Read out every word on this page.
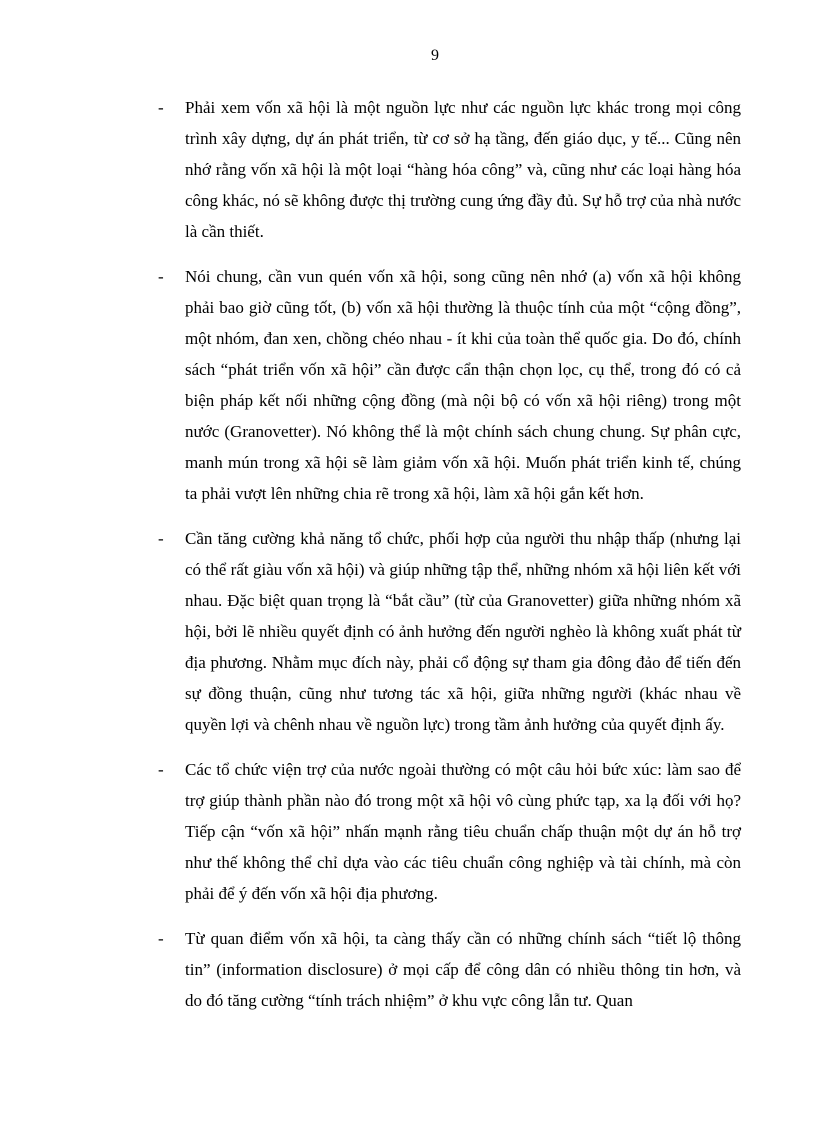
9
- Phải xem vốn xã hội là một nguồn lực như các nguồn lực khác trong mọi công trình xây dựng, dự án phát triển, từ cơ sở hạ tầng, đến giáo dục, y tế... Cũng nên nhớ rằng vốn xã hội là một loại “hàng hóa công” và, cũng như các loại hàng hóa công khác, nó sẽ không được thị trường cung ứng đầy đủ. Sự hỗ trợ của nhà nước là cần thiết.
- Nói chung, cần vun quén vốn xã hội, song cũng nên nhớ (a) vốn xã hội không phải bao giờ cũng tốt, (b) vốn xã hội thường là thuộc tính của một “cộng đồng”, một nhóm, đan xen, chồng chéo nhau - ít khi của toàn thể quốc gia. Do đó, chính sách “phát triển vốn xã hội” cần được cẩn thận chọn lọc, cụ thể, trong đó có cả biện pháp kết nối những cộng đồng (mà nội bộ có vốn xã hội riêng) trong một nước (Granovetter). Nó không thể là một chính sách chung chung. Sự phân cực, manh mún trong xã hội sẽ làm giảm vốn xã hội. Muốn phát triển kinh tế, chúng ta phải vượt lên những chia rẽ trong xã hội, làm xã hội gắn kết hơn.
- Cần tăng cường khả năng tổ chức, phối hợp của người thu nhập thấp (nhưng lại có thể rất giàu vốn xã hội) và giúp những tập thể, những nhóm xã hội liên kết với nhau. Đặc biệt quan trọng là “bắt cầu” (từ của Granovetter) giữa những nhóm xã hội, bởi lẽ nhiều quyết định có ảnh hưởng đến người nghèo là không xuất phát từ địa phương. Nhằm mục đích này, phải cổ động sự tham gia đông đảo để tiến đến sự đồng thuận, cũng như tương tác xã hội, giữa những người (khác nhau về quyền lợi và chênh nhau về nguồn lực) trong tầm ảnh hưởng của quyết định ấy.
- Các tổ chức viện trợ của nước ngoài thường có một câu hỏi bức xúc: làm sao để trợ giúp thành phần nào đó trong một xã hội vô cùng phức tạp, xa lạ đối với họ? Tiếp cận “vốn xã hội” nhấn mạnh rằng tiêu chuẩn chấp thuận một dự án hỗ trợ như thế không thể chỉ dựa vào các tiêu chuẩn công nghiệp và tài chính, mà còn phải để ý đến vốn xã hội địa phương.
- Từ quan điểm vốn xã hội, ta càng thấy cần có những chính sách “tiết lộ thông tin” (information disclosure) ở mọi cấp để công dân có nhiều thông tin hơn, và do đó tăng cường “tính trách nhiệm” ở khu vực công lẫn tư. Quan
